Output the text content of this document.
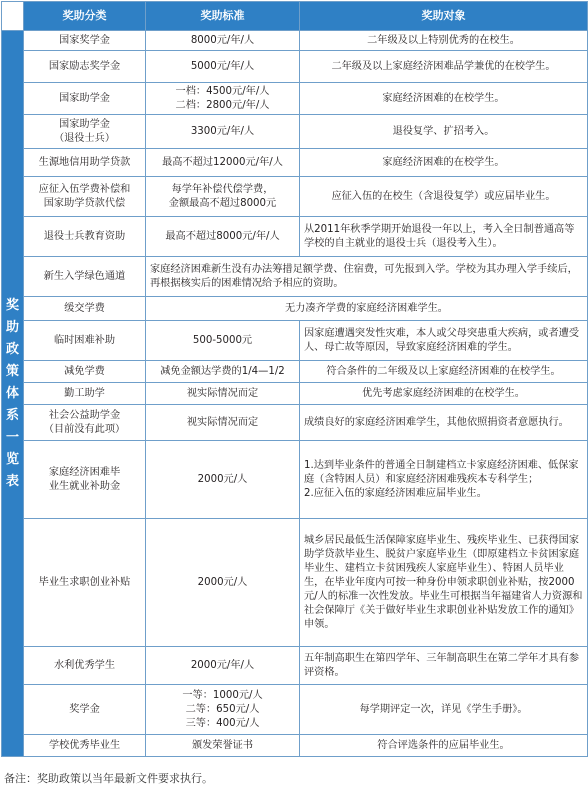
	奖助分类	奖助标准	奖助对象

奖助政策体系一览表	国家奖学金	8000元/年/人	二年级及以上特别优秀的在校生。
	国家励志奖学金	5000元/年/人	二年级及以上家庭经济困难品学兼优的在校学生。
	国家助学金	一档：4500元/年/人
二档：2800元/年/人	家庭经济困难的在校学生。
	国家助学金
（退役士兵）	3300元/年/人	退役复学、扩招考入。
	生源地信用助学贷款	最高不超过12000元/年/人	家庭经济困难的在校学生。
	应征入伍学费补偿和
国家助学贷款代偿	每学年补偿代偿学费，
金额最高不超过8000元	应征入伍的在校生（含退役复学）或应届毕业生。
	退役士兵教育资助	最高不超过8000元/年/人	从2011年秋季学期开始退役一年以上，考入全日制普通高等学校的自主就业的退役士兵（退役考入生）。
	新生入学绿色通道	家庭经济困难新生没有办法筹措足额学费、住宿费，可先报到入学。学校为其办理入学手续后，再根据核实后的困难情况给予相应的资助。	
	缓交学费	无力凑齐学费的家庭经济困难学生。	
	临时困难补助	500-5000元	因家庭遭遇突发性灾难，本人或父母突患重大疾病，或者遭受人、母亡故等原因，导致家庭经济困难的学生。
	减免学费	减免金额达学费的1/4—1/2	符合条件的二年级及以上家庭经济困难的在校学生。
	勤工助学	视实际情况而定	优先考虑家庭经济困难的在校学生。
	社会公益助学金
（目前没有此项）	视实际情况而定	成绩良好的家庭经济困难学生，其他依照捐资者意愿执行。
	家庭经济困难毕
业生就业补助金	2000元/人	1.达到毕业条件的普通全日制建档立卡家庭经济困难、低保家庭（含特困人员）和家庭经济困难残疾本专科学生；
2.应征入伍的家庭经济困难应届毕业生。
	毕业生求职创业补贴	2000元/人	城乡居民最低生活保障家庭毕业生、残疾毕业生、已获得国家助学贷款毕业生、脱贫户家庭毕业生（即原建档立卡贫困家庭毕业生、建档立卡贫困残疾人家庭毕业生）、特困人员毕业生，在毕业年度内可按一种身份申领求职创业补贴，按2000元/人的标准一次性发放。毕业生可根据当年福建省人力资源和社会保障厅《关于做好毕业生求职创业补贴发放工作的通知》申领。
	水利优秀学生	2000元/年/人	五年制高职生在第四学年、三年制高职生在第二学年才具有参评资格。
	奖学金	一等：1000元/人
二等：650元/人
三等：400元/人	每学期评定一次，详见《学生手册》。
	学校优秀毕业生	颁发荣誉证书	符合评选条件的应届毕业生。
备注：奖助政策以当年最新文件要求执行。
